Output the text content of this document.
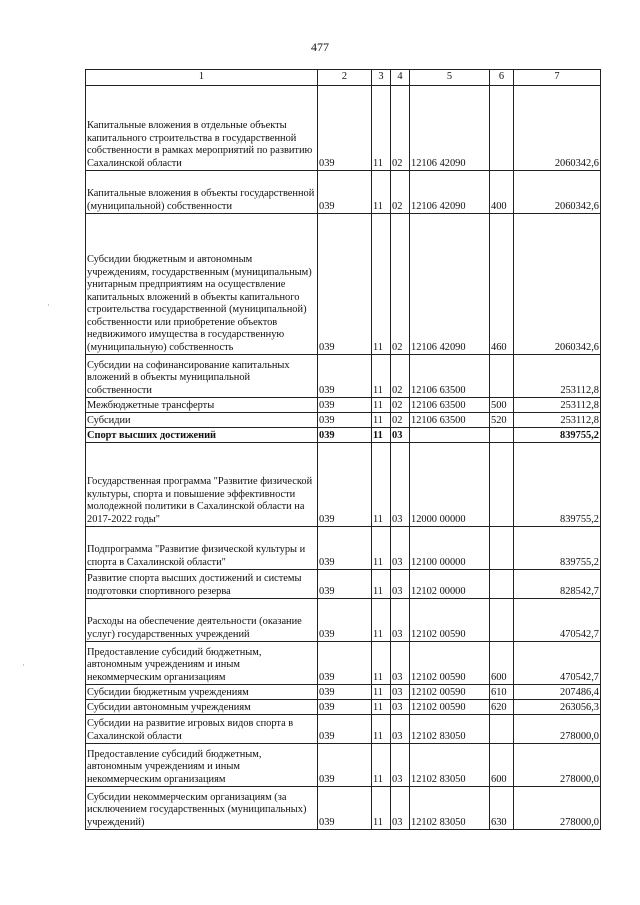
477
1	2	3	4	5	6	7

Капитальные вложения в отдельные объекты капитального строительства в государственной собственности в рамках мероприятий по развитию Сахалинской области	039	11	02	12106 42090		2060342,6

Капитальные вложения в объекты государственной (муниципальной) собственности	039	11	02	12106 42090	400	2060342,6

Субсидии бюджетным и автономным учреждениям, государственным (муниципальным) унитарным предприятиям на осуществление капитальных вложений в объекты капитального строительства государственной (муниципальной) собственности или приобретение объектов недвижимого имущества в государственную (муниципальную) собственность	039	11	02	12106 42090	460	2060342,6

Субсидии на софинансирование капитальных вложений в объекты муниципальной собственности	039	11	02	12106 63500		253112,8

Межбюджетные трансферты	039	11	02	12106 63500	500	253112,8

Субсидии	039	11	02	12106 63500	520	253112,8

Спорт высших достижений	039	11	03			839755,2

Государственная программа "Развитие физической культуры, спорта и повышение эффективности молодежной политики в Сахалинской области на 2017-2022 годы"	039	11	03	12000 00000		839755,2

Подпрограмма "Развитие физической культуры и спорта в Сахалинской области"	039	11	03	12100 00000		839755,2

Развитие спорта высших достижений и системы подготовки спортивного резерва	039	11	03	12102 00000		828542,7

Расходы на обеспечение деятельности (оказание услуг) государственных учреждений	039	11	03	12102 00590		470542,7

Предоставление субсидий бюджетным, автономным учреждениям и иным некоммерческим организациям	039	11	03	12102 00590	600	470542,7

Субсидии бюджетным учреждениям	039	11	03	12102 00590	610	207486,4

Субсидии автономным учреждениям	039	11	03	12102 00590	620	263056,3

Субсидии на развитие игровых видов спорта в Сахалинской области	039	11	03	12102 83050		278000,0

Предоставление субсидий бюджетным, автономным учреждениям и иным некоммерческим организациям	039	11	03	12102 83050	600	278000,0

Субсидии некоммерческим организациям (за исключением государственных (муниципальных) учреждений)	039	11	03	12102 83050	630	278000,0
·
·
